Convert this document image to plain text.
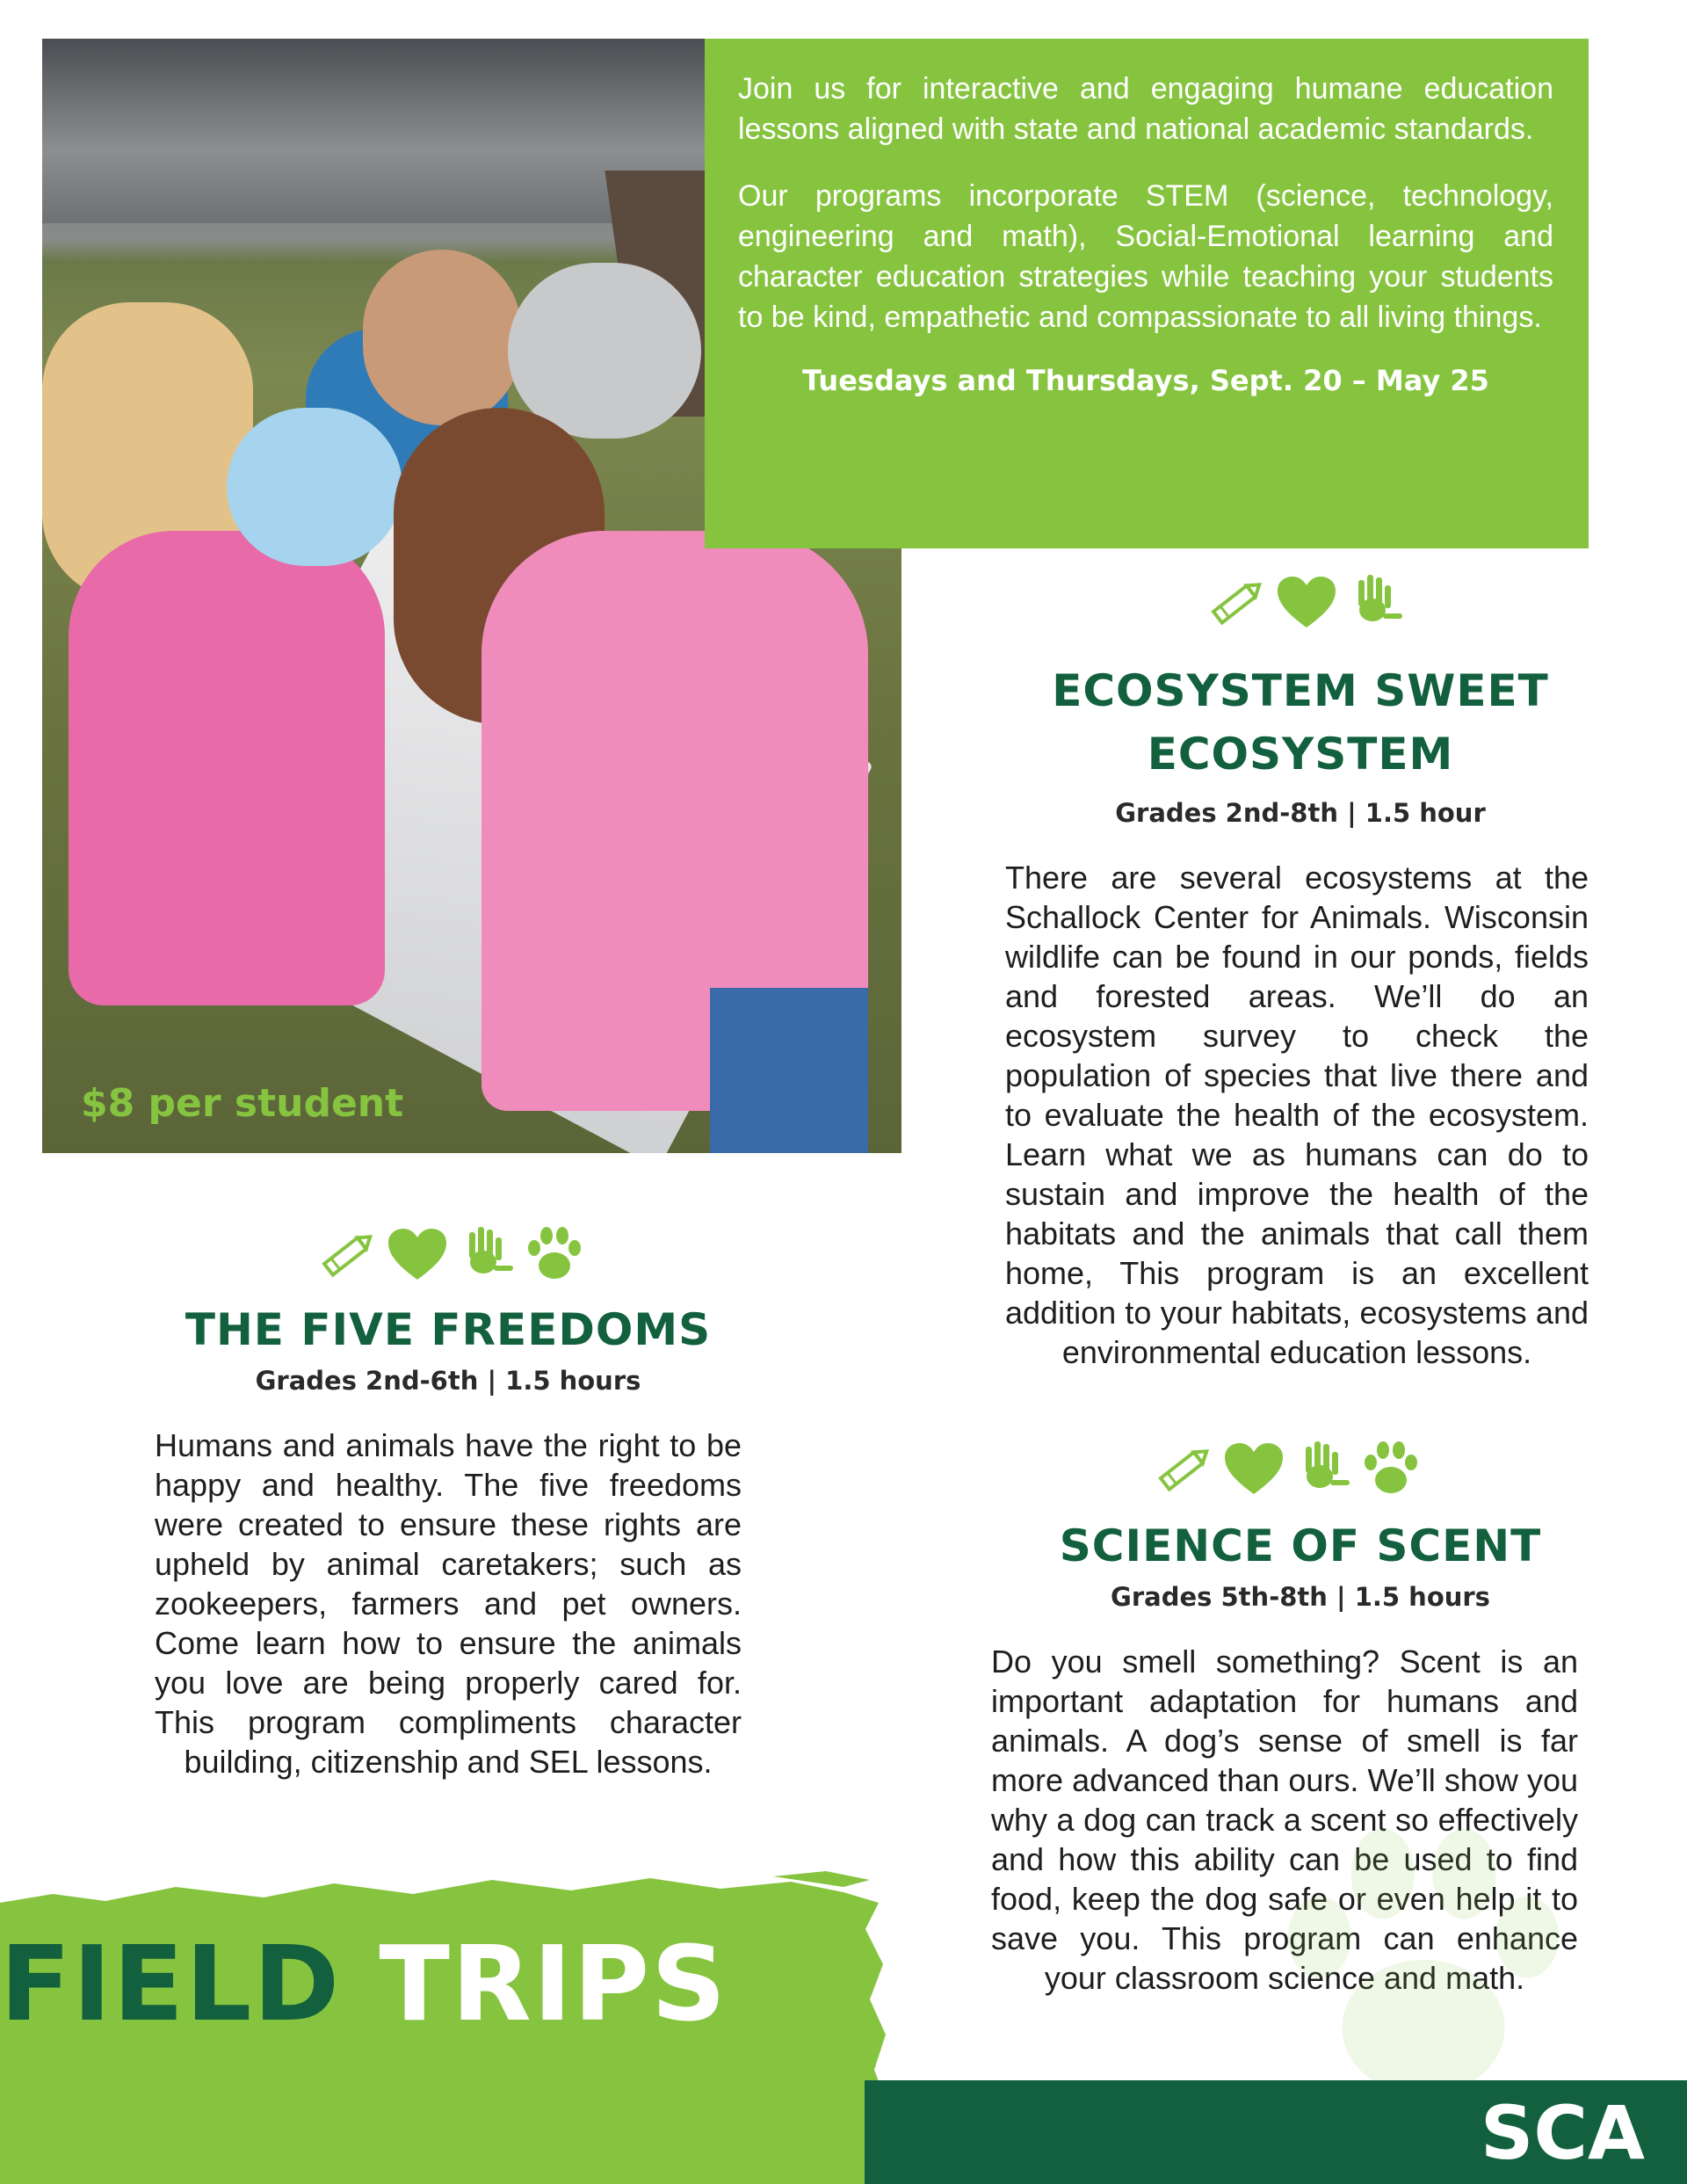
$8 per student

Join us for interactive and engaging humane education lessons aligned with state and national academic standards.

Our programs incorporate STEM (science, technology, engineering and math), Social-Emotional learning and character education strategies while teaching your students to be kind, empathetic and compassionate to all living things.

Tuesdays and Thursdays, Sept. 20 – May 25
ECOSYSTEM SWEET
ECOSYSTEM
Grades 2nd-8th | 1.5 hour
There are several ecosystems at the Schallock Center for Animals. Wisconsin wildlife can be found in our ponds, fields and forested areas. We’ll do an ecosystem survey to check the population of species that live there and to evaluate the health of the ecosystem. Learn what we as humans can do to sustain and improve the health of the habitats and the animals that call them home, This program is an excellent addition to your habitats, ecosystems and environmental education lessons.
THE FIVE FREEDOMS
Grades 2nd-6th | 1.5 hours
Humans and animals have the right to be happy and healthy. The five freedoms were created to ensure these rights are upheld by animal caretakers; such as zookeepers, farmers and pet owners. Come learn how to ensure the animals you love are being properly cared for. This program compliments character building, citizenship and SEL lessons.
SCIENCE OF SCENT
Grades 5th-8th | 1.5 hours
Do you smell something? Scent is an important adaptation for humans and animals. A dog’s sense of smell is far more advanced than ours. We’ll show you why a dog can track a scent so effectively and how this ability can be used to find food, keep the dog safe or even help it to save you. This program can enhance your classroom science and math.
FIELD TRIPS
SCA
